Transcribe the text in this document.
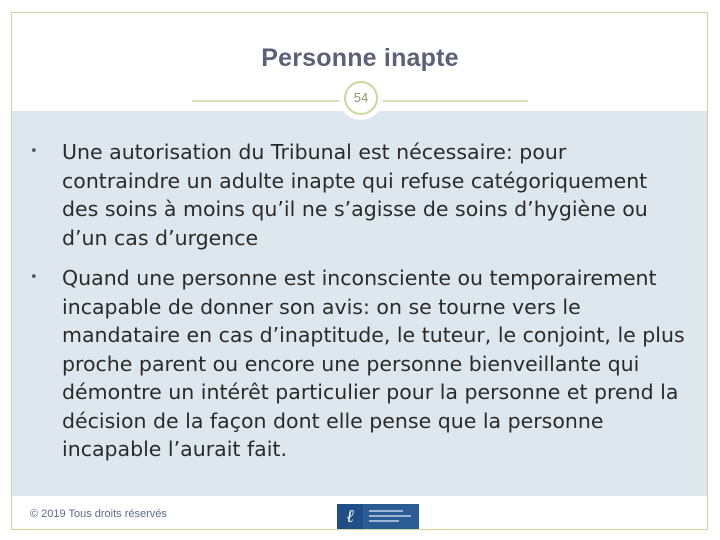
Personne inapte
54
• Une autorisation du Tribunal est nécessaire: pour contraindre un adulte inapte qui refuse catégoriquement des soins à moins qu’il ne s’agisse de soins d’hygiène ou d’un cas d’urgence
• Quand une personne est inconsciente ou temporairement incapable de donner son avis: on se tourne vers le mandataire en cas d’inaptitude, le tuteur, le conjoint, le plus proche parent ou encore une personne bienveillante qui démontre un intérêt particulier pour la personne et prend la décision de la façon dont elle pense que la personne incapable l’aurait fait.
© 2019 Tous droits réservés	ℓ
